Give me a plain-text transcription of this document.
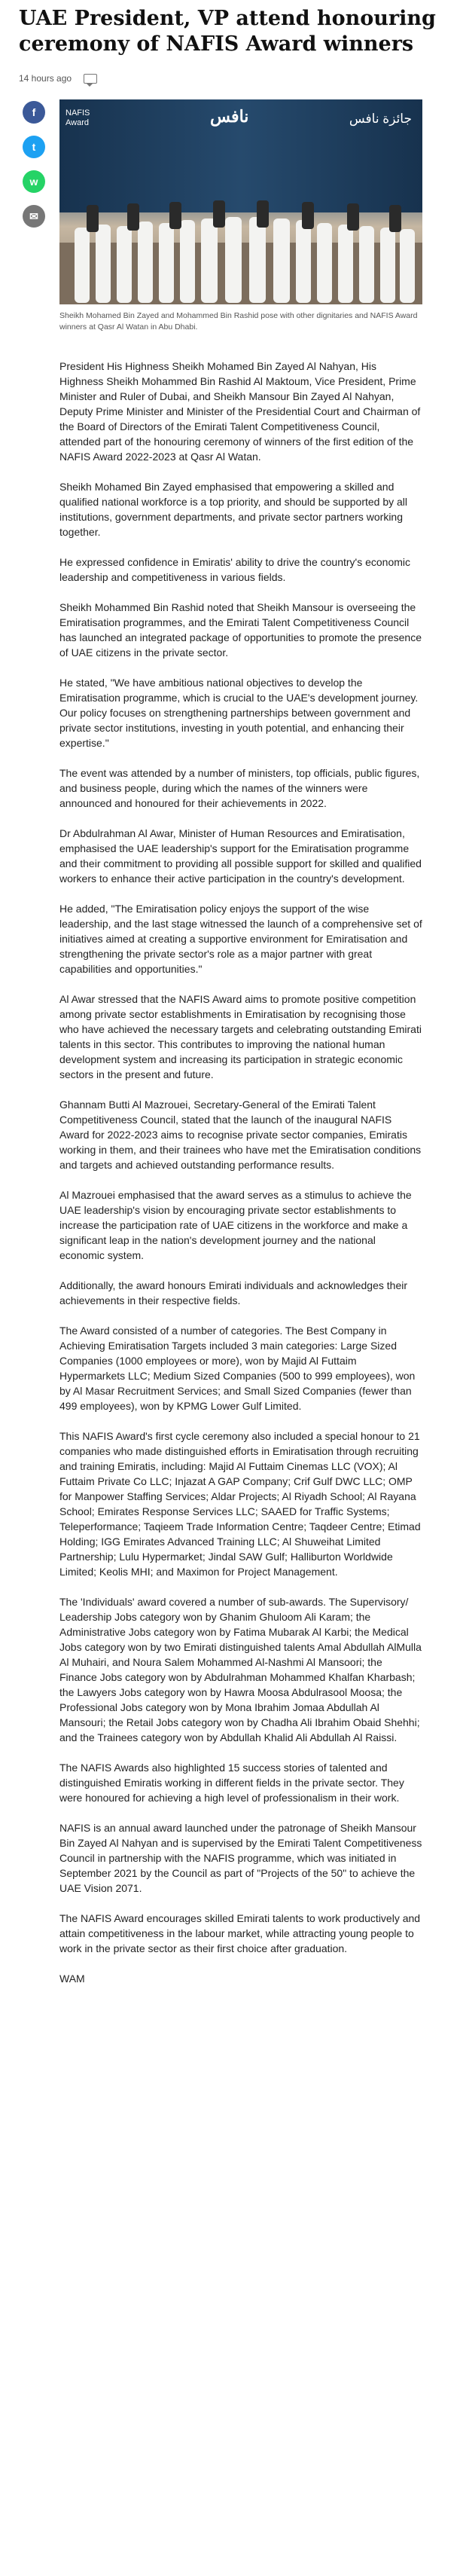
UAE President, VP attend honouring ceremony of NAFIS Award winners
14 hours ago
f
t
w
✉
NAFIS
Award	نافس	جائزة نافس
Sheikh Mohamed Bin Zayed and Mohammed Bin Rashid pose with other dignitaries and NAFIS Award winners at Qasr Al Watan in Abu Dhabi.

President His Highness Sheikh Mohamed Bin Zayed Al Nahyan, His Highness Sheikh Mohammed Bin Rashid Al Maktoum, Vice President, Prime Minister and Ruler of Dubai, and Sheikh Mansour Bin Zayed Al Nahyan, Deputy Prime Minister and Minister of the Presidential Court and Chairman of the Board of Directors of the Emirati Talent Competitiveness Council, attended part of the honouring ceremony of winners of the first edition of the NAFIS Award 2022-2023 at Qasr Al Watan.

Sheikh Mohamed Bin Zayed emphasised that empowering a skilled and qualified national workforce is a top priority, and should be supported by all institutions, government departments, and private sector partners working together.

He expressed confidence in Emiratis' ability to drive the country's economic leadership and competitiveness in various fields.

Sheikh Mohammed Bin Rashid noted that Sheikh Mansour is overseeing the Emiratisation programmes, and the Emirati Talent Competitiveness Council has launched an integrated package of opportunities to promote the presence of UAE citizens in the private sector.

He stated, "We have ambitious national objectives to develop the Emiratisation programme, which is crucial to the UAE's development journey. Our policy focuses on strengthening partnerships between government and private sector institutions, investing in youth potential, and enhancing their expertise."

The event was attended by a number of ministers, top officials, public figures, and business people, during which the names of the winners were announced and honoured for their achievements in 2022.

Dr Abdulrahman Al Awar, Minister of Human Resources and Emiratisation, emphasised the UAE leadership's support for the Emiratisation programme and their commitment to providing all possible support for skilled and qualified workers to enhance their active participation in the country's development.

He added, "The Emiratisation policy enjoys the support of the wise leadership, and the last stage witnessed the launch of a comprehensive set of initiatives aimed at creating a supportive environment for Emiratisation and strengthening the private sector's role as a major partner with great capabilities and opportunities."

Al Awar stressed that the NAFIS Award aims to promote positive competition among private sector establishments in Emiratisation by recognising those who have achieved the necessary targets and celebrating outstanding Emirati talents in this sector. This contributes to improving the national human development system and increasing its participation in strategic economic sectors in the present and future.

Ghannam Butti Al Mazrouei, Secretary-General of the Emirati Talent Competitiveness Council, stated that the launch of the inaugural NAFIS Award for 2022-2023 aims to recognise private sector companies, Emiratis working in them, and their trainees who have met the Emiratisation conditions and targets and achieved outstanding performance results.

Al Mazrouei emphasised that the award serves as a stimulus to achieve the UAE leadership's vision by encouraging private sector establishments to increase the participation rate of UAE citizens in the workforce and make a significant leap in the nation's development journey and the national economic system.

Additionally, the award honours Emirati individuals and acknowledges their achievements in their respective fields.

The Award consisted of a number of categories. The Best Company in Achieving Emiratisation Targets included 3 main categories: Large Sized Companies (1000 employees or more), won by Majid Al Futtaim Hypermarkets LLC; Medium Sized Companies (500 to 999 employees), won by Al Masar Recruitment Services; and Small Sized Companies (fewer than 499 employees), won by KPMG Lower Gulf Limited.

This NAFIS Award's first cycle ceremony also included a special honour to 21 companies who made distinguished efforts in Emiratisation through recruiting and training Emiratis, including: Majid Al Futtaim Cinemas LLC (VOX); Al Futtaim Private Co LLC; Injazat A GAP Company; Crif Gulf DWC LLC; OMP for Manpower Staffing Services; Aldar Projects; Al Riyadh School; Al Rayana School; Emirates Response Services LLC; SAAED for Traffic Systems; Teleperformance; Taqieem Trade Information Centre; Taqdeer Centre; Etimad Holding; IGG Emirates Advanced Training LLC; Al Shuweihat Limited Partnership; Lulu Hypermarket; Jindal SAW Gulf; Halliburton Worldwide Limited; Keolis MHI; and Maximon for Project Management.

The 'Individuals' award covered a number of sub-awards. The Supervisory/ Leadership Jobs category won by Ghanim Ghuloom Ali Karam; the Administrative Jobs category won by Fatima Mubarak Al Karbi; the Medical Jobs category won by two Emirati distinguished talents Amal Abdullah AlMulla Al Muhairi, and Noura Salem Mohammed Al-Nashmi Al Mansoori; the Finance Jobs category won by Abdulrahman Mohammed Khalfan Kharbash; the Lawyers Jobs category won by Hawra Moosa Abdulrasool Moosa; the Professional Jobs category won by Mona Ibrahim Jomaa Abdullah Al Mansouri; the Retail Jobs category won by Chadha Ali Ibrahim Obaid Shehhi; and the Trainees category won by Abdullah Khalid Ali Abdullah Al Raissi.

The NAFIS Awards also highlighted 15 success stories of talented and distinguished Emiratis working in different fields in the private sector. They were honoured for achieving a high level of professionalism in their work.

NAFIS is an annual award launched under the patronage of Sheikh Mansour Bin Zayed Al Nahyan and is supervised by the Emirati Talent Competitiveness Council in partnership with the NAFIS programme, which was initiated in September 2021 by the Council as part of "Projects of the 50" to achieve the UAE Vision 2071.

The NAFIS Award encourages skilled Emirati talents to work productively and attain competitiveness in the labour market, while attracting young people to work in the private sector as their first choice after graduation.

WAM
